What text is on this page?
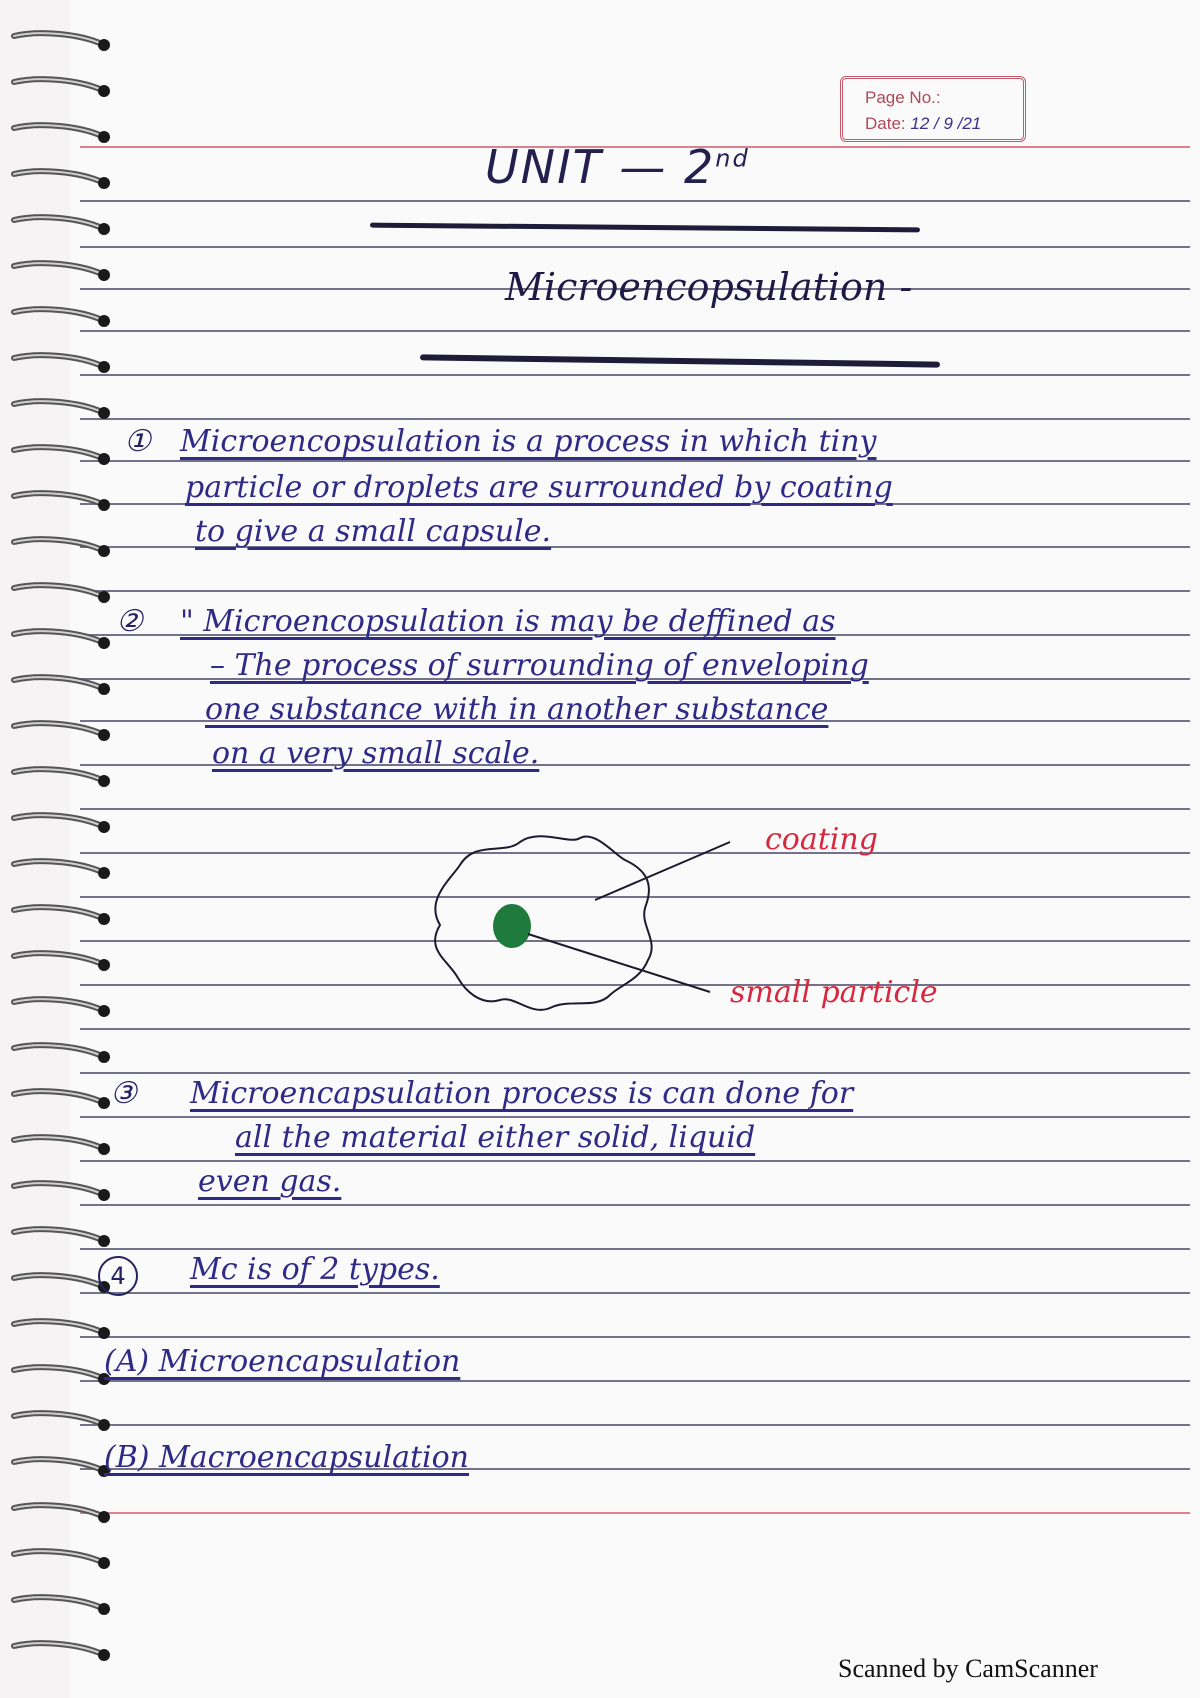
Page No.:
Date: 12 / 9 /21
UNIT — 2nd
Microencopsulation -
① Microencopsulation is a process in which tiny
particle or droplets are surrounded by coating
to give a small capsule.
② " Microencopsulation is may be deffined as
– The process of surrounding of enveloping
one substance with in another substance
on a very small scale.
coating
small particle
③ Microencapsulation process is can done for
all the material either solid, liquid
even gas.
4	Mc is of 2 types.
(A) Microencapsulation
(B) Macroencapsulation
Scanned by CamScanner
